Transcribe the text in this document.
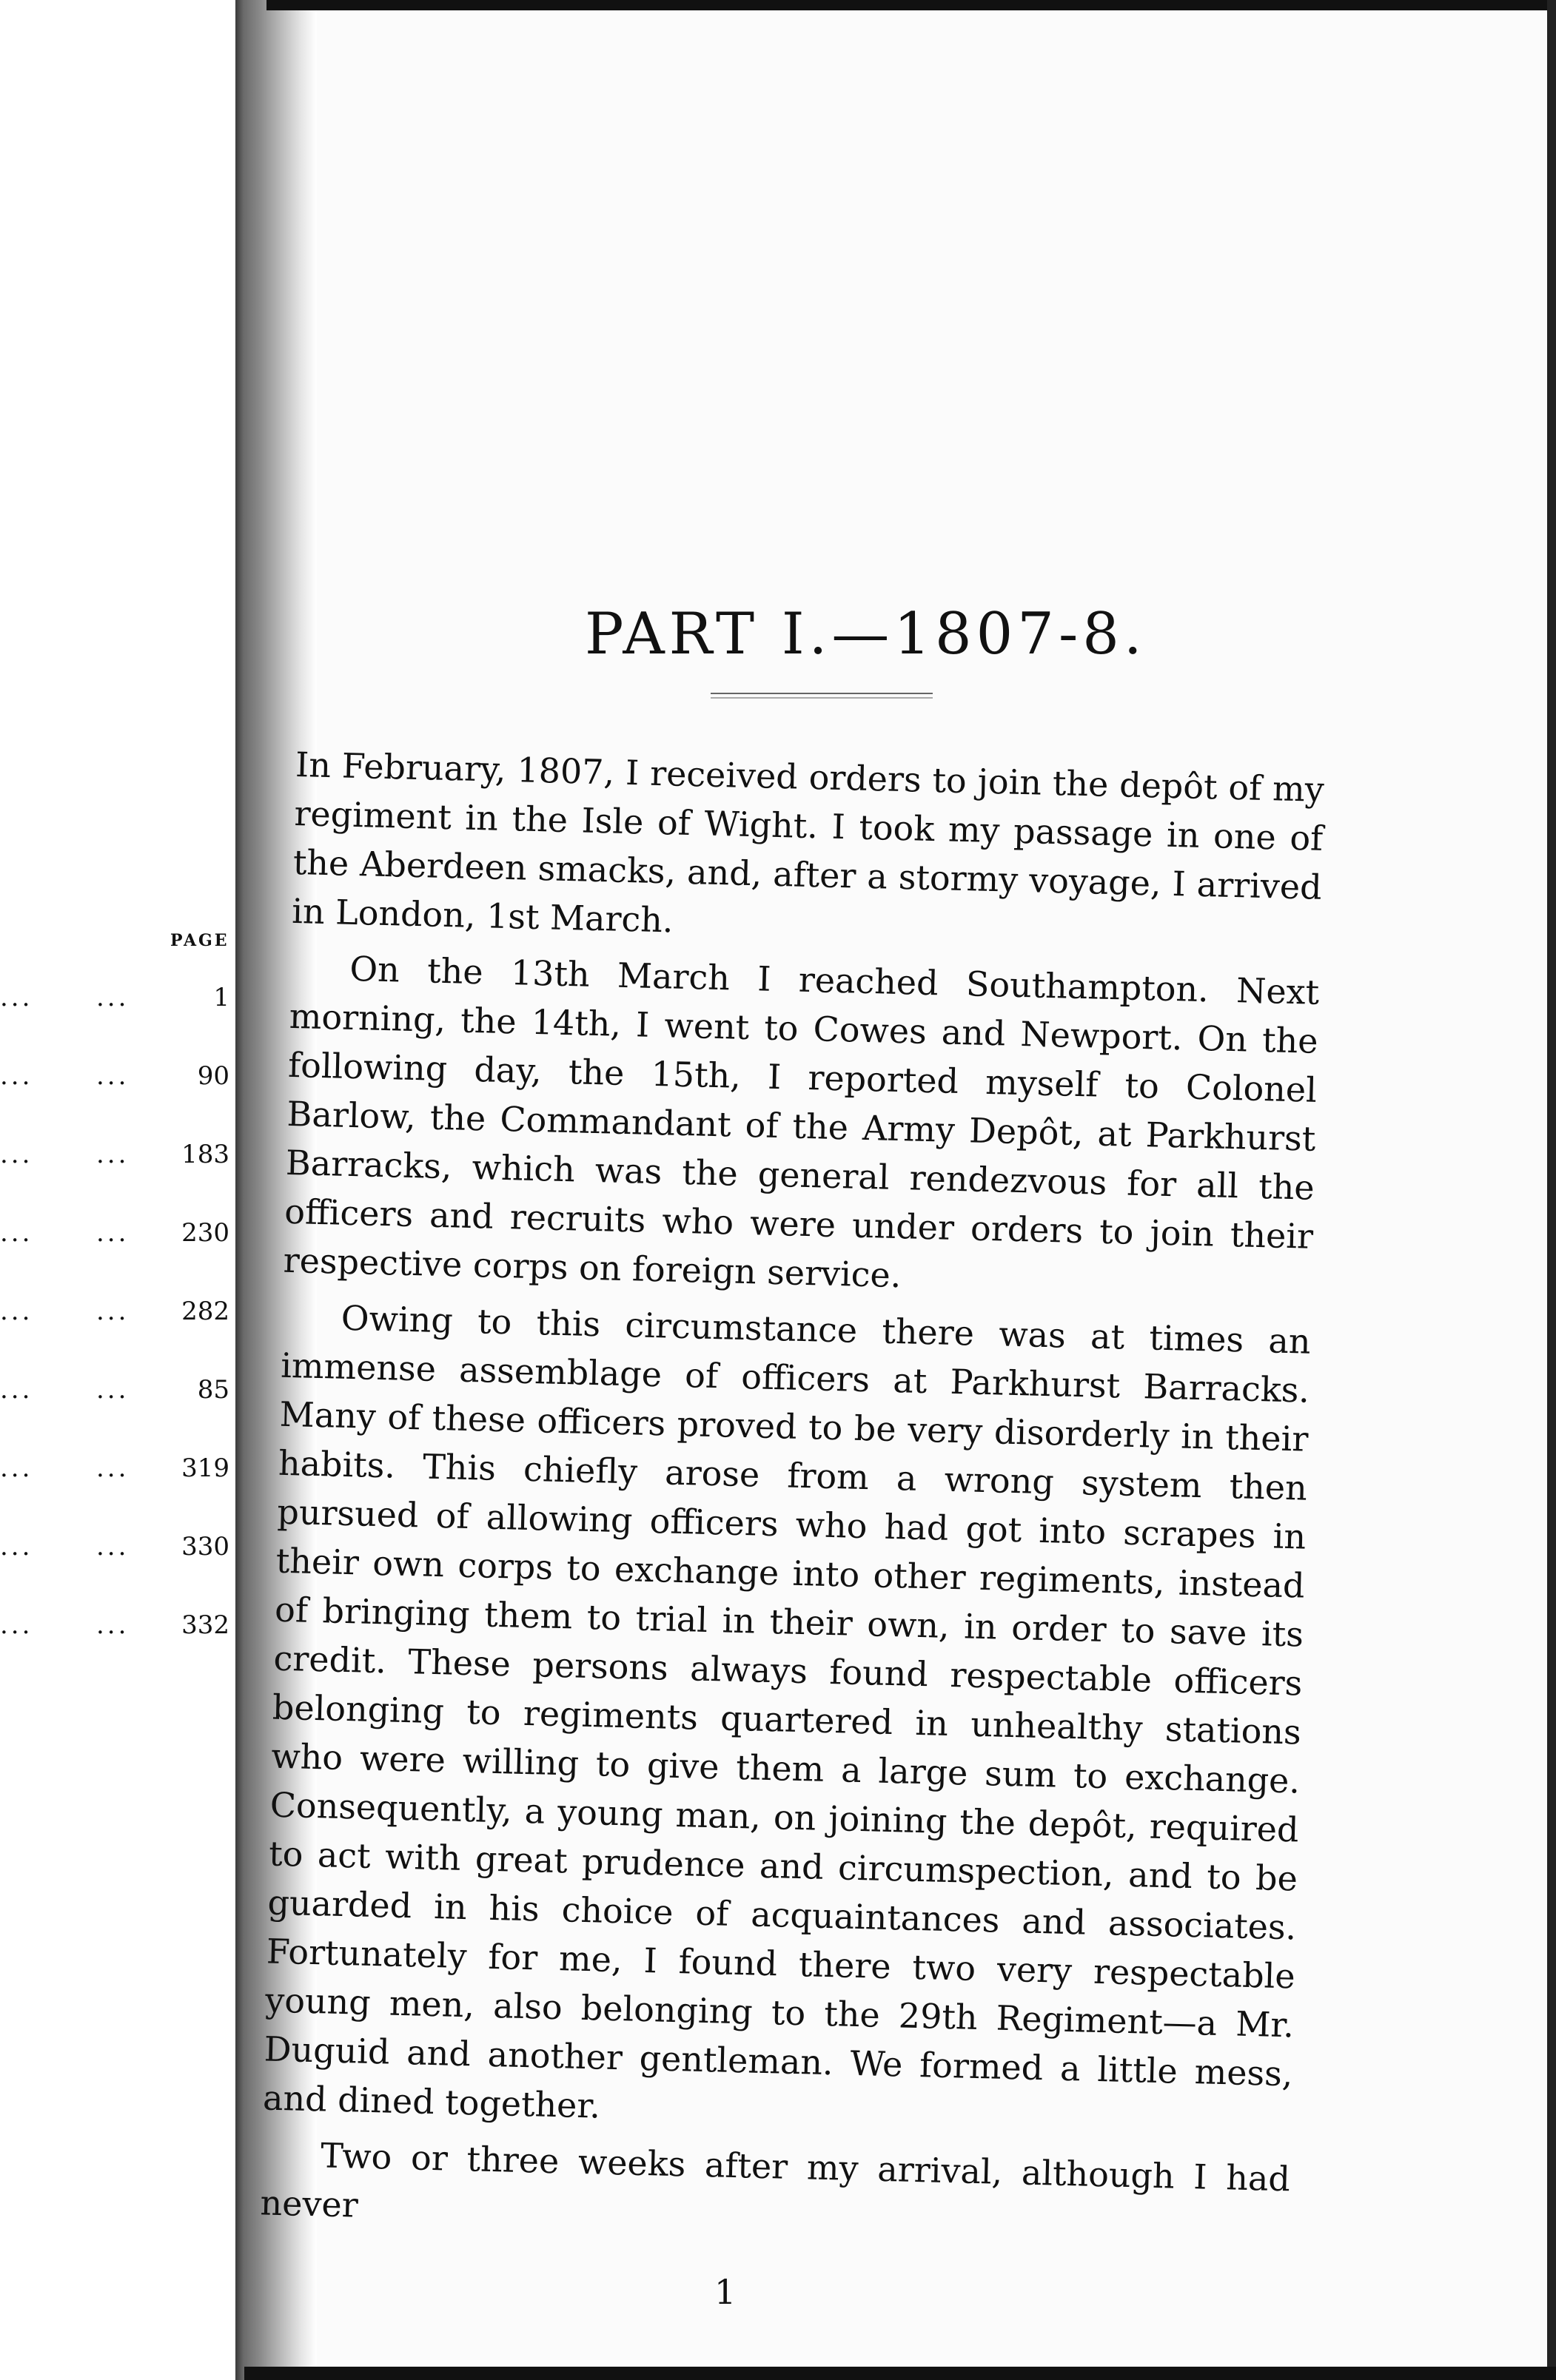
PAGE
...	...	1
...	...	90
...	... 183
...	... 230
...	... 282
...	...	85
...	... 319
...	... 330
...	... 332
PART I.—1807-8.

In February, 1807, I received orders to join the depôt of my regiment in the Isle of Wight. I took my passage in one of the Aberdeen smacks, and, after a stormy voyage, I arrived in London, 1st March.

On the 13th March I reached Southampton. Next morning, the 14th, I went to Cowes and Newport. On the following day, the 15th, I reported myself to Colonel Barlow, the Commandant of the Army Depôt, at Parkhurst Barracks, which was the general rendezvous for all the officers and recruits who were under orders to join their respective corps on foreign service.

Owing to this circumstance there was at times an immense assemblage of officers at Parkhurst Barracks. Many of these officers proved to be very disorderly in their habits. This chiefly arose from a wrong system then pursued of allowing officers who had got into scrapes in their own corps to exchange into other regiments, instead of bringing them to trial in their own, in order to save its credit. These persons always found respectable officers belonging to regiments quartered in unhealthy stations who were willing to give them a large sum to exchange. Consequently, a young man, on joining the depôt, required to act with great prudence and circumspection, and to be guarded in his choice of acquaintances and associates. Fortunately for me, I found there two very respectable young men, also belonging to the 29th Regiment—a Mr. Duguid and another gentleman. We formed a little mess, and dined together.

Two or three weeks after my arrival, although I had never

1
